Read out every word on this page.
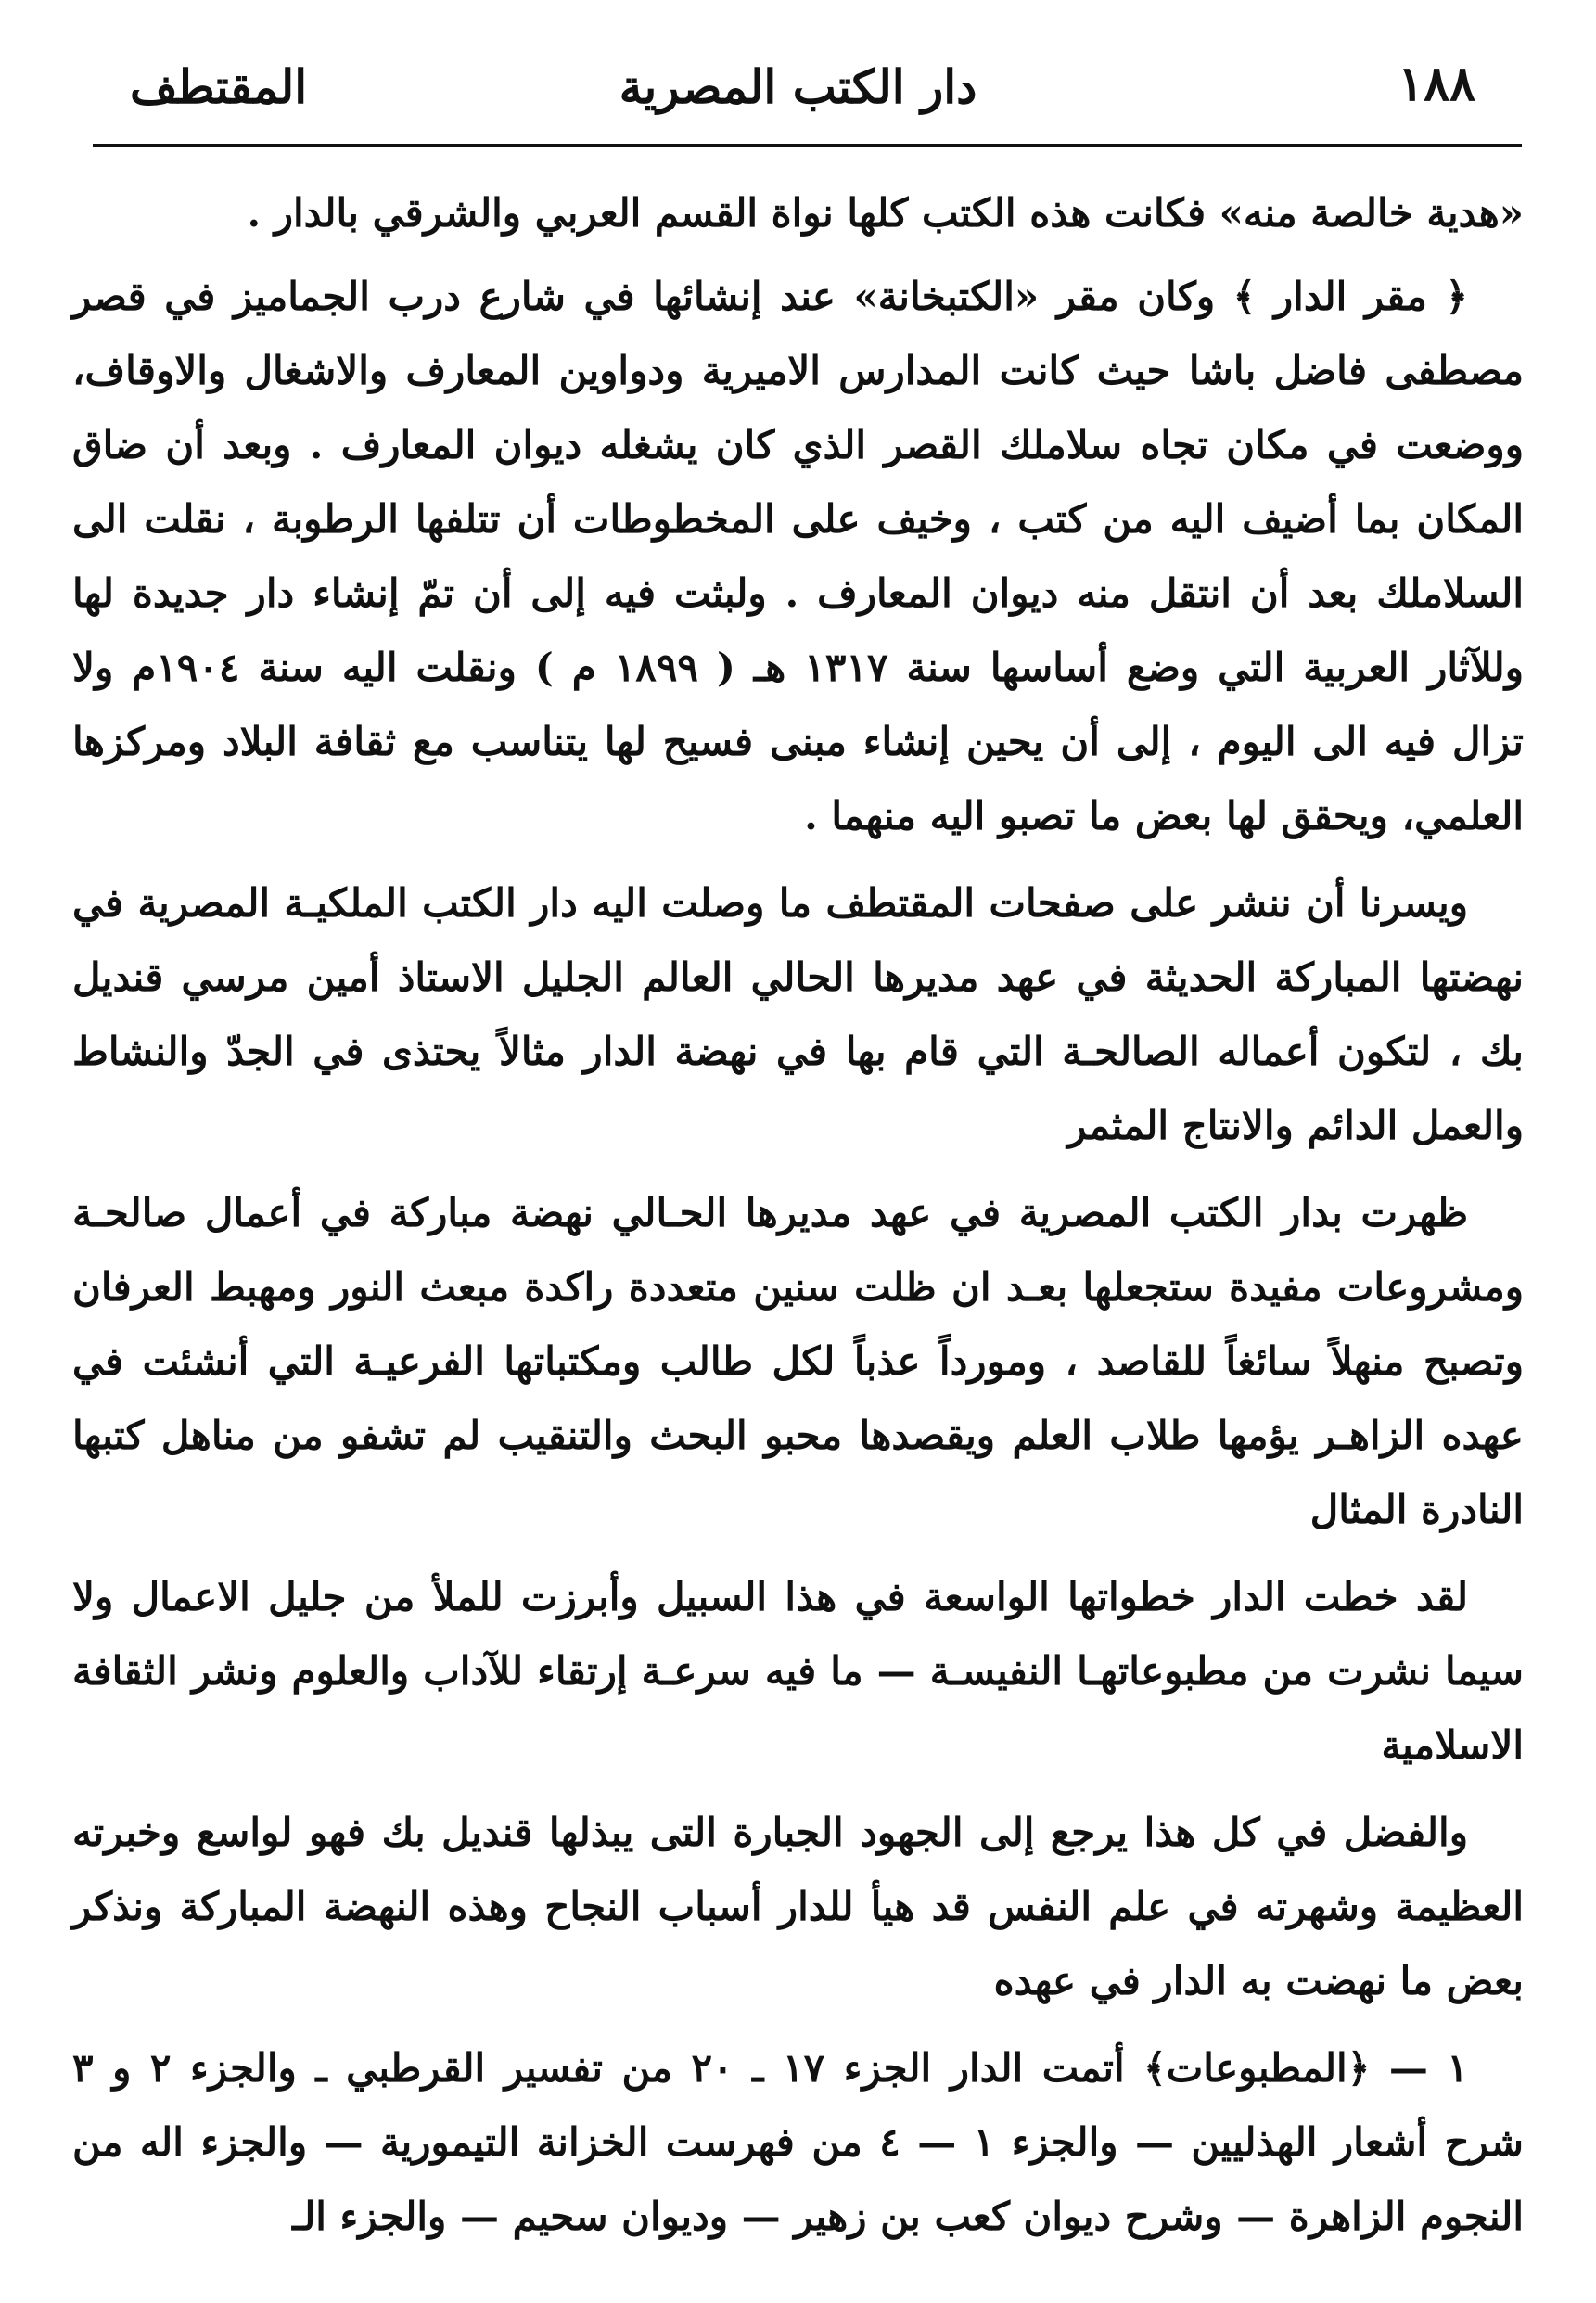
١٨٨
دار الكتب المصرية
المقتطف

«هدية خالصة منه» فكانت هذه الكتب كلها نواة القسم العربي والشرقي بالدار .

﴿ مقر الدار ﴾ وكان مقر «الكتبخانة» عند إنشائها في شارع درب الجماميز في قصر مصطفى فاضل باشا حيث كانت المدارس الاميرية ودواوين المعارف والاشغال والاوقاف، ووضعت في مكان تجاه سلاملك القصر الذي كان يشغله ديوان المعارف . وبعد أن ضاق المكان بما أضيف اليه من كتب ، وخيف على المخطوطات أن تتلفها الرطوبة ، نقلت الى السلاملك بعد أن انتقل منه ديوان المعارف . ولبثت فيه إلى أن تمّ إنشاء دار جديدة لها وللآثار العربية التي وضع أساسها سنة ١٣١٧ هـ ( ١٨٩٩ م ) ونقلت اليه سنة ١٩٠٤م ولا تزال فيه الى اليوم ، إلى أن يحين إنشاء مبنى فسيح لها يتناسب مع ثقافة البلاد ومركزها العلمي، ويحقق لها بعض ما تصبو اليه منهما .

ويسرنا أن ننشر على صفحات المقتطف ما وصلت اليه دار الكتب الملكيـة المصرية في نهضتها المباركة الحديثة في عهد مديرها الحالي العالم الجليل الاستاذ أمين مرسي قنديل بك ، لتكون أعماله الصالحـة التي قام بها في نهضة الدار مثالاً يحتذى في الجدّ والنشاط والعمل الدائم والانتاج المثمر

ظهرت بدار الكتب المصرية في عهد مديرها الحـالي نهضة مباركة في أعمال صالحـة ومشروعات مفيدة ستجعلها بعـد ان ظلت سنين متعددة راكدة مبعث النور ومهبط العرفان وتصبح منهلاً سائغاً للقاصد ، ومورداً عذباً لكل طالب ومكتباتها الفرعيـة التي أنشئت في عهده الزاهـر يؤمها طلاب العلم ويقصدها محبو البحث والتنقيب لم تشفو من مناهل كتبها النادرة المثال

لقد خطت الدار خطواتها الواسعة في هذا السبيل وأبرزت للملأ من جليل الاعمال ولا سيما نشرت من مطبوعاتهـا النفيسـة — ما فيه سرعـة إرتقاء للآداب والعلوم ونشر الثقافة الاسلامية

والفضل في كل هذا يرجع إلى الجهود الجبارة التى يبذلها قنديل بك فهو لواسع وخبرته العظيمة وشهرته في علم النفس قد هيأ للدار أسباب النجاح وهذه النهضة المباركة ونذكر بعض ما نهضت به الدار في عهده

١ — ﴿المطبوعات﴾ أتمت الدار الجزء ١٧ ـ ٢٠ من تفسير القرطبي ـ والجزء ٢ و ٣ شرح أشعار الهذليين — والجزء ١ — ٤ من فهرست الخزانة التيمورية — والجزء اله من النجوم الزاهرة — وشرح ديوان كعب بن زهير — وديوان سحيم — والجزء الـ
